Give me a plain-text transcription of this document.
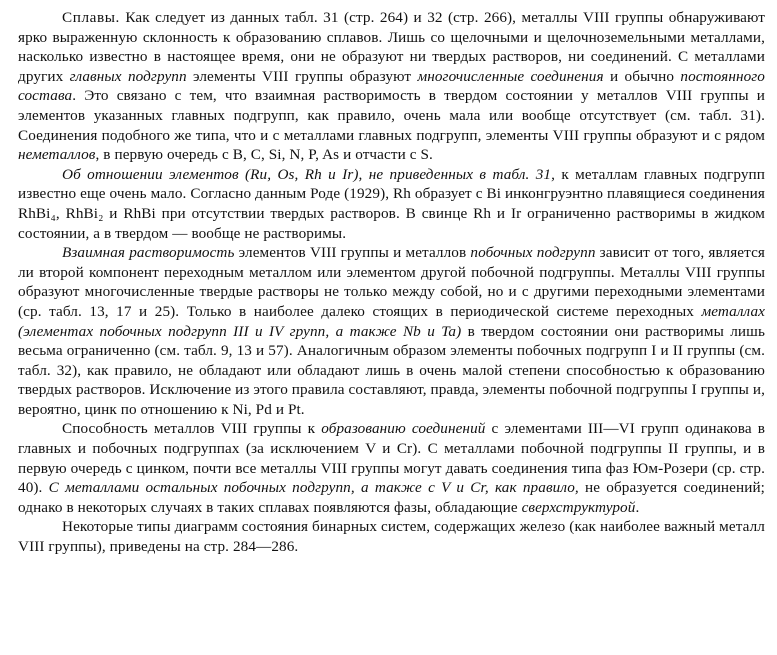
Сплавы. Как следует из данных табл. 31 (стр. 264) и 32 (стр. 266), металлы VIII группы обнаруживают ярко выраженную склонность к образованию сплавов. Лишь со щелочными и щелочноземельными металлами, насколько известно в настоящее время, они не образуют ни твердых растворов, ни соединений. С металлами других главных подгрупп элементы VIII группы образуют многочисленные соединения и обычно постоянного состава. Это связано с тем, что взаимная растворимость в твердом состоянии у металлов VIII группы и элементов указанных главных подгрупп, как правило, очень мала или вообще отсутствует (см. табл. 31). Соединения подобного же типа, что и с металлами главных подгрупп, элементы VIII группы образуют и с рядом неметаллов, в первую очередь с B, C, Si, N, P, As и отчасти с S.

Об отношении элементов (Ru, Os, Rh и Ir), не приведенных в табл. 31, к металлам главных подгрупп известно еще очень мало. Согласно данным Роде (1929), Rh образует с Bi инконгруэнтно плавящиеся соединения RhBi₄, RhBi₂ и RhBi при отсутствии твердых растворов. В свинце Rh и Ir ограниченно растворимы в жидком состоянии, а в твердом — вообще не растворимы.

Взаимная растворимость элементов VIII группы и металлов побочных подгрупп зависит от того, является ли второй компонент переходным металлом или элементом другой побочной подгруппы. Металлы VIII группы образуют многочисленные твердые растворы не только между собой, но и с другими переходными элементами (ср. табл. 13, 17 и 25). Только в наиболее далеко стоящих в периодической системе переходных металлах (элементах побочных подгрупп III и IV групп, а также Nb и Ta) в твердом состоянии они растворимы лишь весьма ограниченно (см. табл. 9, 13 и 57). Аналогичным образом элементы побочных подгрупп I и II группы (см. табл. 32), как правило, не обладают или обладают лишь в очень малой степени способностью к образованию твердых растворов. Исключение из этого правила составляют, правда, элементы побочной подгруппы I группы и, вероятно, цинк по отношению к Ni, Pd и Pt.

Способность металлов VIII группы к образованию соединений с элементами III—VI групп одинакова в главных и побочных подгруппах (за исключением V и Cr). С металлами побочной подгруппы II группы, и в первую очередь с цинком, почти все металлы VIII группы могут давать соединения типа фаз Юм-Розери (ср. стр. 40). С металлами остальных побочных подгрупп, а также с V и Cr, как правило, не образуется соединений; однако в некоторых случаях в таких сплавах появляются фазы, обладающие сверхструктурой.

Некоторые типы диаграмм состояния бинарных систем, содержащих железо (как наиболее важный металл VIII группы), приведены на стр. 284—286.
